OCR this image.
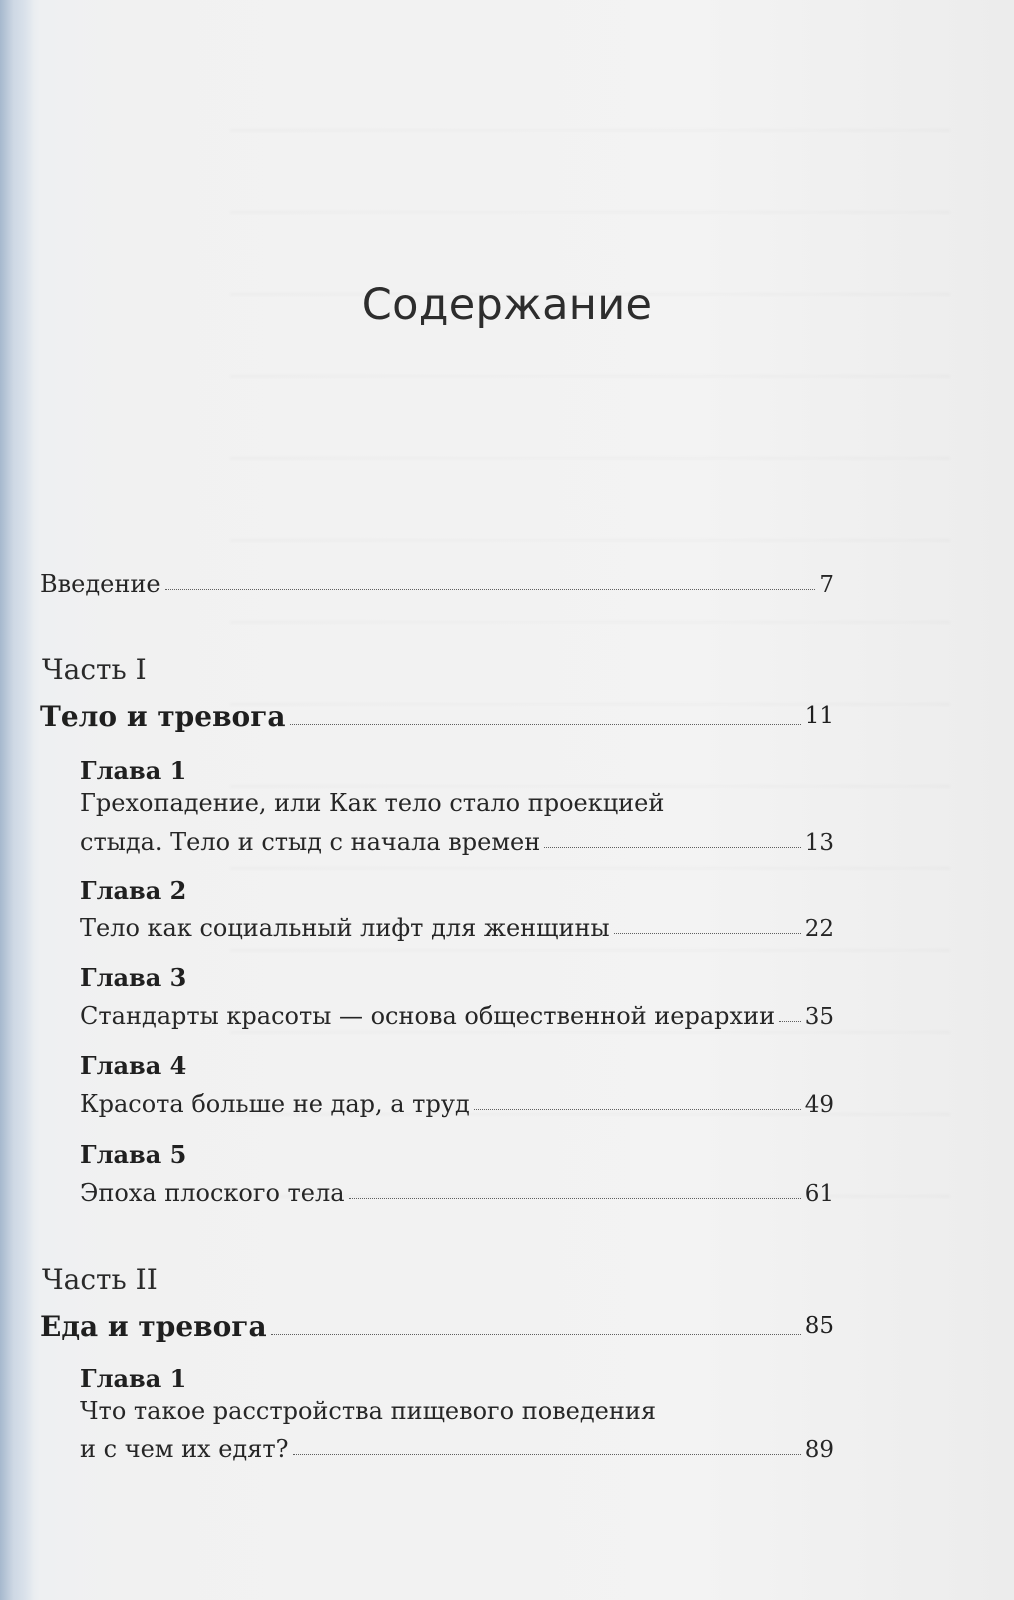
Содержание
Введение	7
Часть I
Тело и тревога	11
Глава 1
Грехопадение, или Как тело стало проекцией
стыда. Тело и стыд с начала времен	13
Глава 2
Тело как социальный лифт для женщины	22
Глава 3
Стандарты красоты — основа общественной иерархии 35
Глава 4
Красота больше не дар, а труд	49
Глава 5
Эпоха плоского тела	61
Часть II
Еда и тревога	85
Глава 1
Что такое расстройства пищевого поведения
и с чем их едят?	89
